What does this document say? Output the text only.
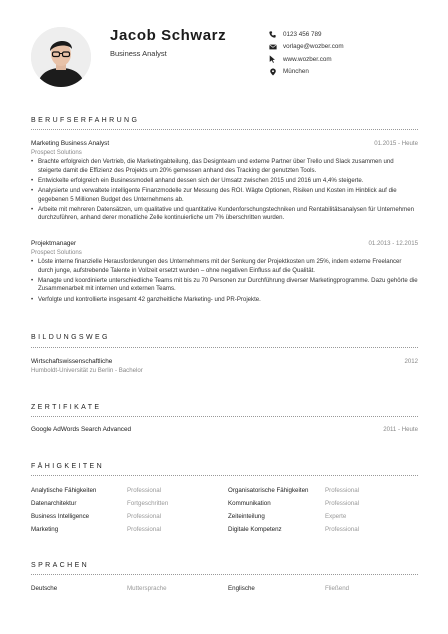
Jacob Schwarz
Business Analyst
0123 456 789
vorlage@wozber.com
www.wozber.com
München
BERUFSERFAHRUNG
Marketing Business Analyst	01.2015 - Heute
Prospect Solutions
• Brachte erfolgreich den Vertrieb, die Marketingabteilung, das Designteam und externe Partner über Trello und Slack zusammen und steigerte damit die Effizienz des Projekts um 20% gemessen anhand des Tracking der genutzten Tools.
• Entwickelte erfolgreich ein Businessmodell anhand dessen sich der Umsatz zwischen 2015 und 2016 um 4,4% steigerte.
• Analysierte und verwaltete intelligente Finanzmodelle zur Messung des ROI. Wägte Optionen, Risiken und Kosten im Hinblick auf die gegebenen 5 Millionen Budget des Unternehmens ab.
• Arbeite mit mehreren Datensätzen, um qualitative und quantitative Kundenforschungstechniken und Rentabilitätsanalysen für Unternehmen durchzuführen, anhand derer monatliche Zelle kontinuierliche um 7% überschritten wurden.
Projektmanager	01.2013 - 12.2015
Prospect Solutions
• Löste interne finanzielle Herausforderungen des Unternehmens mit der Senkung der Projektkosten um 25%, indem externe Freelancer durch junge, aufstrebende Talente in Vollzeit ersetzt wurden – ohne negativen Einfluss auf die Qualität.
• Managte und koordinierte unterschiedliche Teams mit bis zu 70 Personen zur Durchführung diverser Marketingprogramme. Dazu gehörte die Zusammenarbeit mit internen und externen Teams.
• Verfolgte und kontrollierte insgesamt 42 ganzheitliche Marketing- und PR-Projekte.
BILDUNGSWEG
Wirtschaftswissenschaftliche	2012
Humboldt-Universität zu Berlin - Bachelor
ZERTIFIKATE
Google AdWords Search Advanced	2011 - Heute
FÄHIGKEITEN
Analytische Fähigkeiten	Professional	Organisatorische Fähigkeiten	Professional
Datenarchitektur	Fortgeschritten	Kommunikation	Professional
Business Intelligence	Professional	Zeiteinteilung	Experte
Marketing	Professional	Digitale Kompetenz	Professional
SPRACHEN
Deutsche	Muttersprache	Englische	Fließend
